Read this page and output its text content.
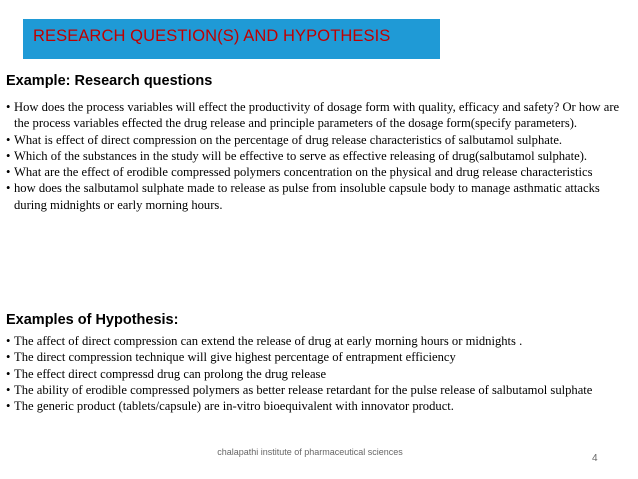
RESEARCH QUESTION(S) AND HYPOTHESIS
Example: Research questions
• How does the process variables will effect the productivity of dosage form with quality, efficacy and safety? Or how are the process variables effected the drug release and principle parameters of the dosage form(specify parameters).
• What is effect of direct compression on the percentage of drug release characteristics of salbutamol sulphate.
• Which of the substances in the study will be effective to serve as effective releasing of drug(salbutamol sulphate).
• What are the effect of erodible compressed polymers concentration on the physical and drug release characteristics
• how does the salbutamol sulphate made to release as pulse from insoluble capsule body to manage asthmatic attacks during midnights or early morning hours.
Examples of Hypothesis:
• The affect of direct compression can extend the release of drug at early morning hours or midnights .
• The direct compression technique will give highest percentage of entrapment efficiency
• The effect direct compressd drug can prolong the drug release
• The ability of erodible compressed polymers as better release retardant for the pulse release of salbutamol sulphate
• The generic product (tablets/capsule) are in-vitro bioequivalent with innovator product.
chalapathi institute of pharmaceutical sciences
4
